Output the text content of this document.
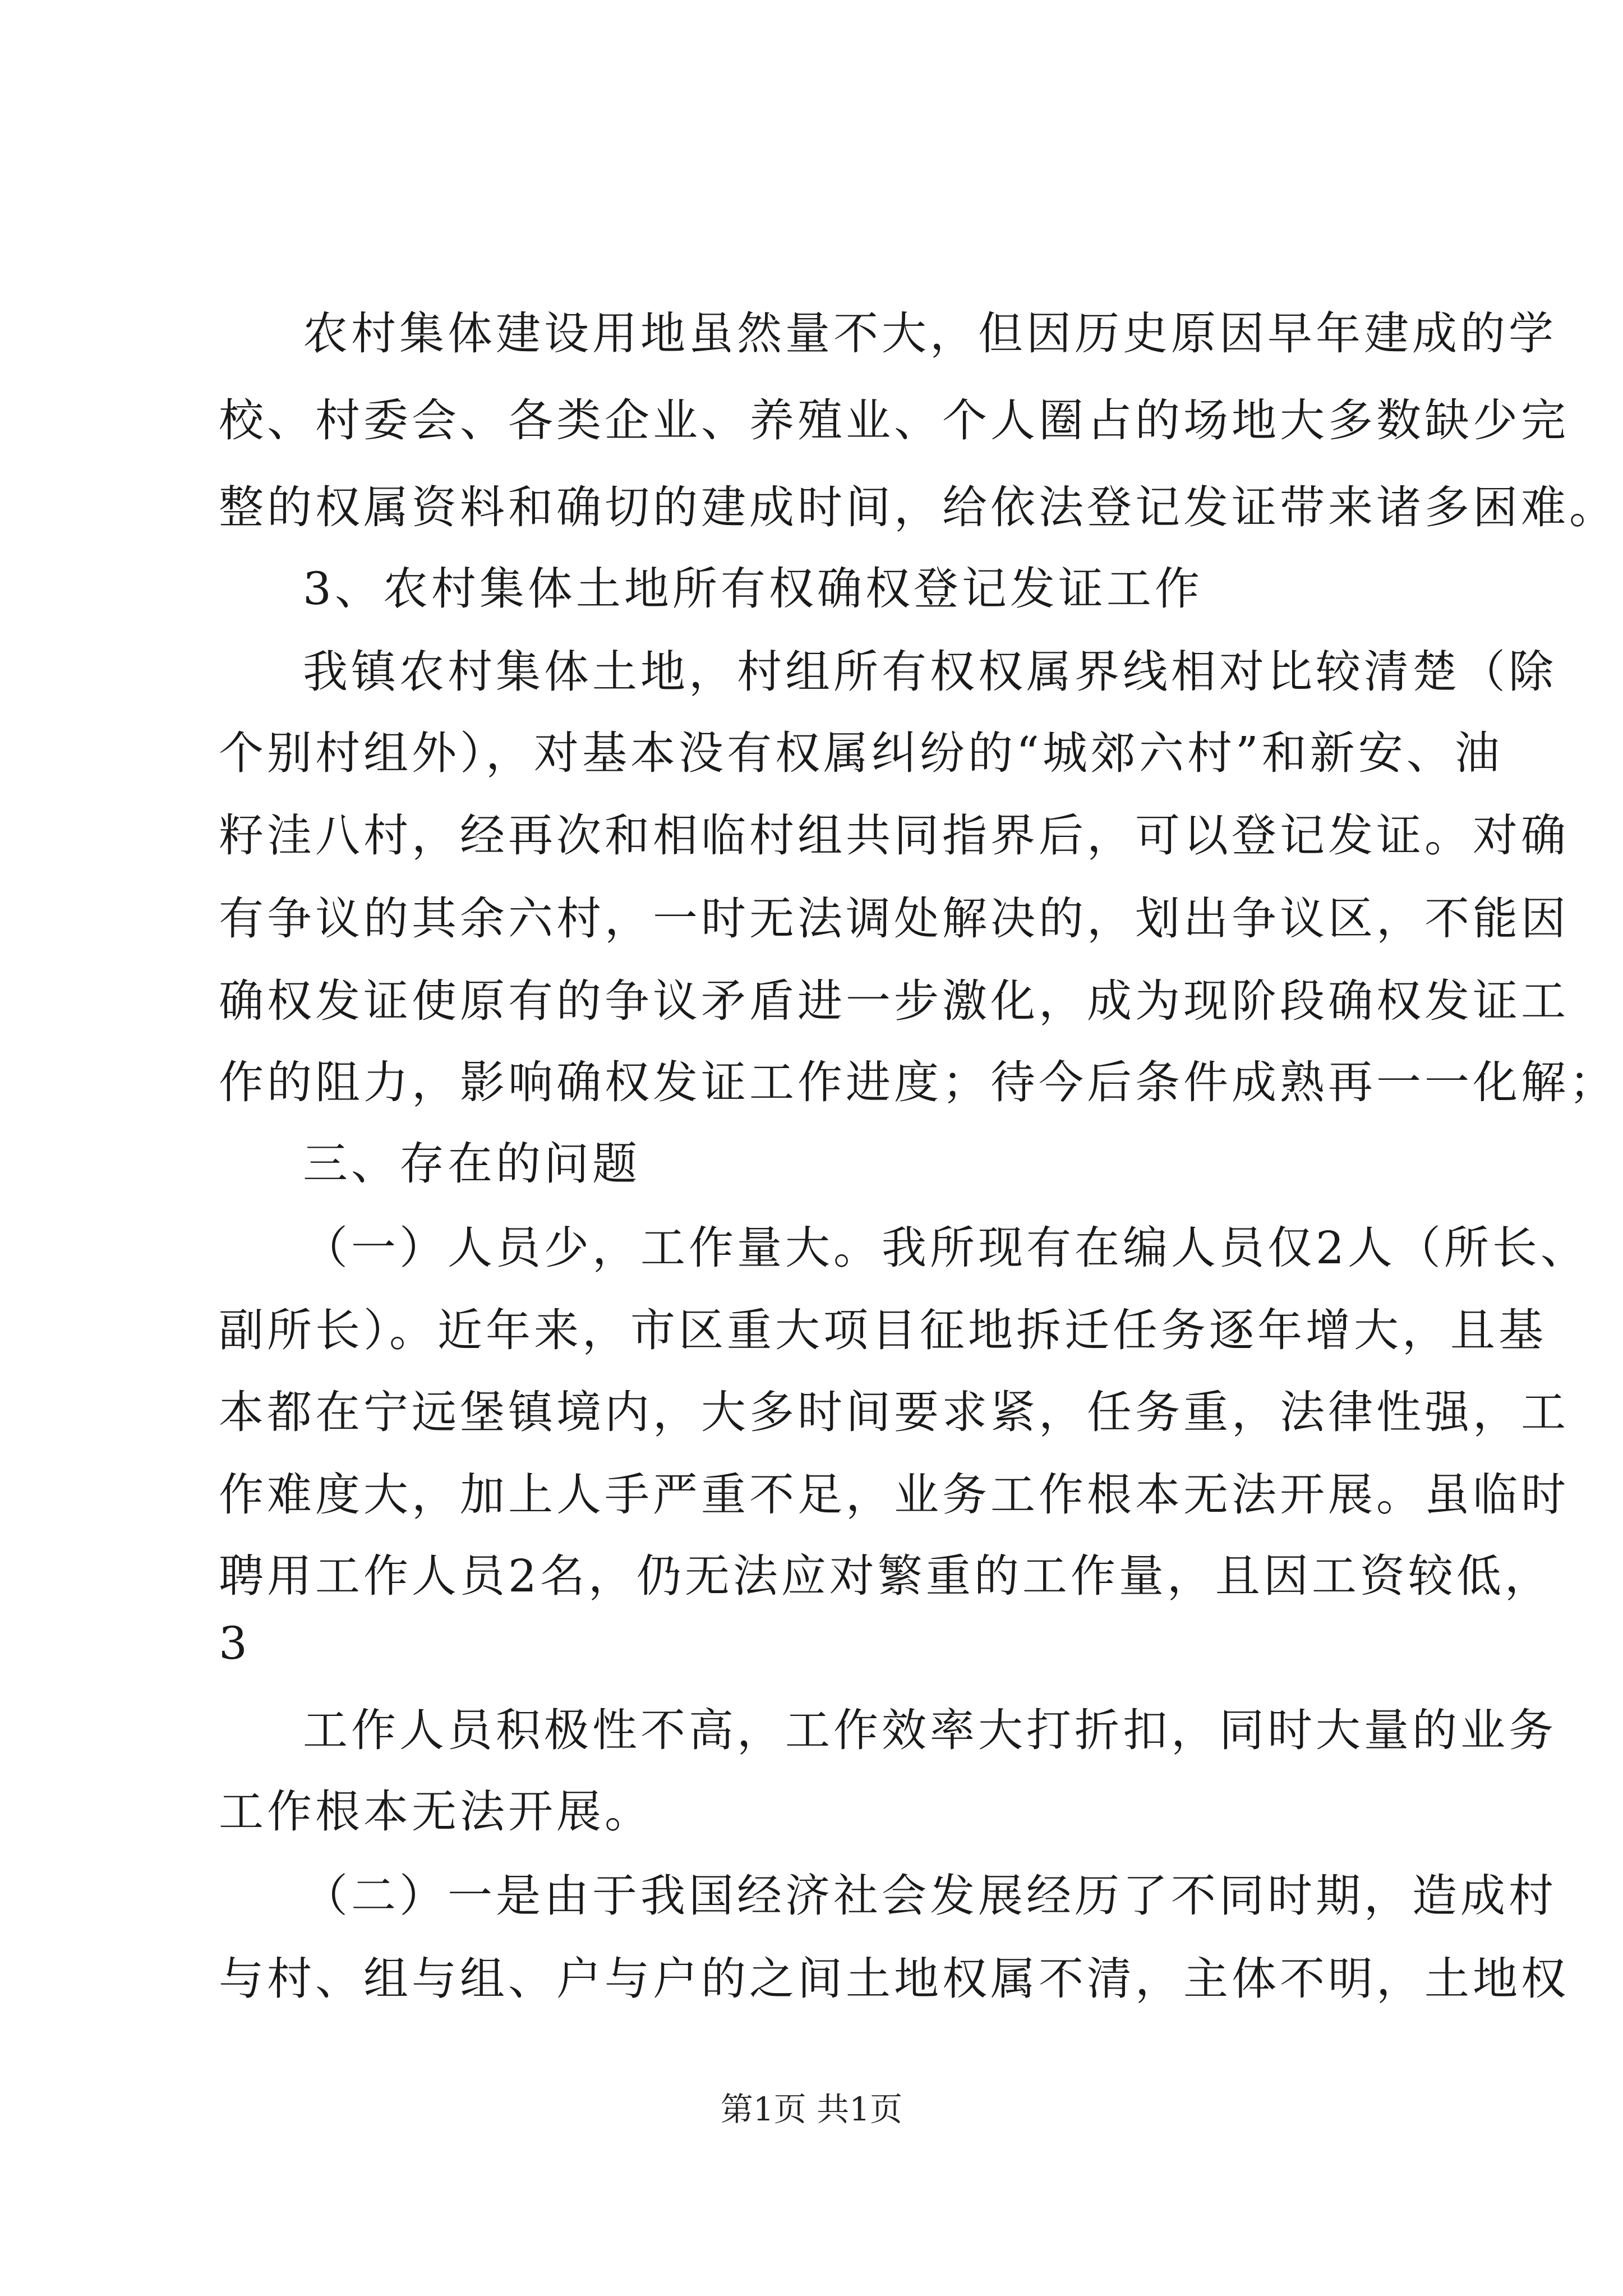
农村集体建设用地虽然量不大，但因历史原因早年建成的学
校、村委会、各类企业、养殖业、个人圈占的场地大多数缺少完
整的权属资料和确切的建成时间，给依法登记发证带来诸多困难。
3、农村集体土地所有权确权登记发证工作
我镇农村集体土地，村组所有权权属界线相对比较清楚（除
个别村组外），对基本没有权属纠纷的“城郊六村”和新安、油
籽洼八村，经再次和相临村组共同指界后，可以登记发证。对确
有争议的其余六村，一时无法调处解决的，划出争议区，不能因
确权发证使原有的争议矛盾进一步激化，成为现阶段确权发证工
作的阻力，影响确权发证工作进度；待今后条件成熟再一一化解；
三、存在的问题
（一）人员少，工作量大。我所现有在编人员仅2人（所长、
副所长）。近年来，市区重大项目征地拆迁任务逐年增大，且基
本都在宁远堡镇境内，大多时间要求紧，任务重，法律性强，工
作难度大，加上人手严重不足，业务工作根本无法开展。虽临时
聘用工作人员2名，仍无法应对繁重的工作量，且因工资较低，
3
工作人员积极性不高，工作效率大打折扣，同时大量的业务
工作根本无法开展。
（二）一是由于我国经济社会发展经历了不同时期，造成村
与村、组与组、户与户的之间土地权属不清，主体不明，土地权
第1页 共1页
